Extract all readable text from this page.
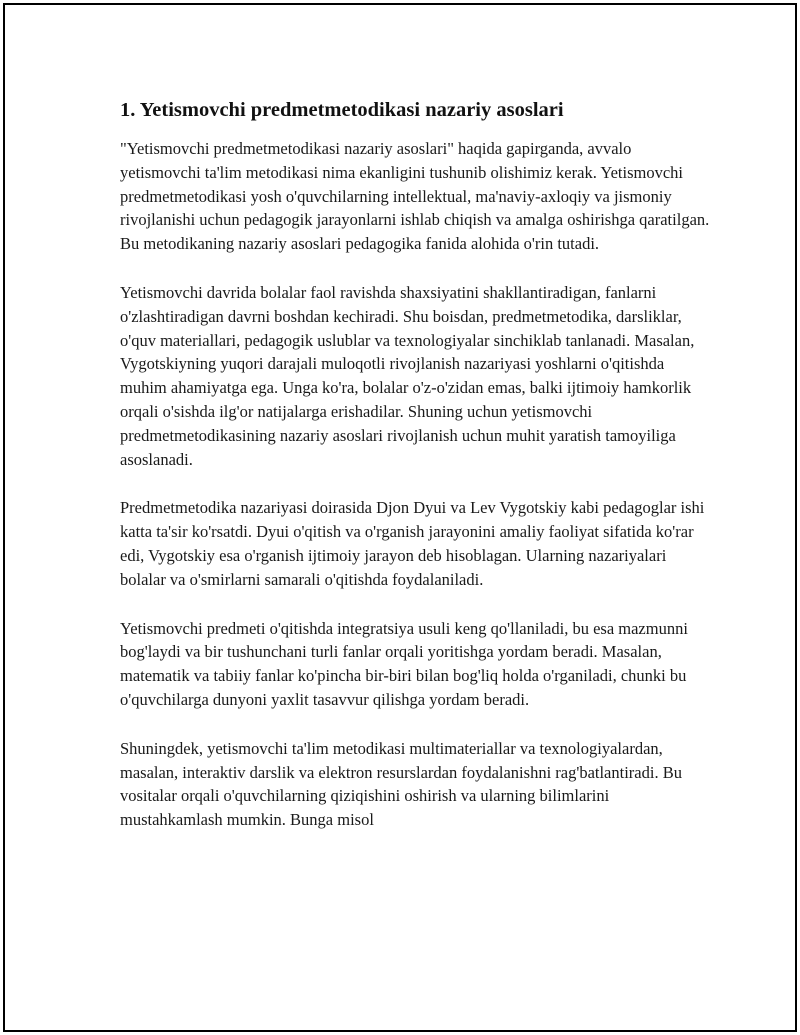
1. Yetismovchi predmetmetodikasi nazariy asoslari

"Yetismovchi predmetmetodikasi nazariy asoslari" haqida gapirganda, avvalo yetismovchi ta'lim metodikasi nima ekanligini tushunib olishimiz kerak. Yetismovchi predmetmetodikasi yosh o'quvchilarning intellektual, ma'naviy-axloqiy va jismoniy rivojlanishi uchun pedagogik jarayonlarni ishlab chiqish va amalga oshirishga qaratilgan. Bu metodikaning nazariy asoslari pedagogika fanida alohida o'rin tutadi.

Yetismovchi davrida bolalar faol ravishda shaxsiyatini shakllantiradigan, fanlarni o'zlashtiradigan davrni boshdan kechiradi. Shu boisdan, predmetmetodika, darsliklar, o'quv materiallari, pedagogik uslublar va texnologiyalar sinchiklab tanlanadi. Masalan, Vygotskiyning yuqori darajali muloqotli rivojlanish nazariyasi yoshlarni o'qitishda muhim ahamiyatga ega. Unga ko'ra, bolalar o'z-o'zidan emas, balki ijtimoiy hamkorlik orqali o'sishda ilg'or natijalarga erishadilar. Shuning uchun yetismovchi predmetmetodikasining nazariy asoslari rivojlanish uchun muhit yaratish tamoyiliga asoslanadi.

Predmetmetodika nazariyasi doirasida Djon Dyui va Lev Vygotskiy kabi pedagoglar ishi katta ta'sir ko'rsatdi. Dyui o'qitish va o'rganish jarayonini amaliy faoliyat sifatida ko'rar edi, Vygotskiy esa o'rganish ijtimoiy jarayon deb hisoblagan. Ularning nazariyalari bolalar va o'smirlarni samarali o'qitishda foydalaniladi.

Yetismovchi predmeti o'qitishda integratsiya usuli keng qo'llaniladi, bu esa mazmunni bog'laydi va bir tushunchani turli fanlar orqali yoritishga yordam beradi. Masalan, matematik va tabiiy fanlar ko'pincha bir-biri bilan bog'liq holda o'rganiladi, chunki bu o'quvchilarga dunyoni yaxlit tasavvur qilishga yordam beradi.

Shuningdek, yetismovchi ta'lim metodikasi multimateriallar va texnologiyalardan, masalan, interaktiv darslik va elektron resurslardan foydalanishni rag'batlantiradi. Bu vositalar orqali o'quvchilarning qiziqishini oshirish va ularning bilimlarini mustahkamlash mumkin. Bunga misol
